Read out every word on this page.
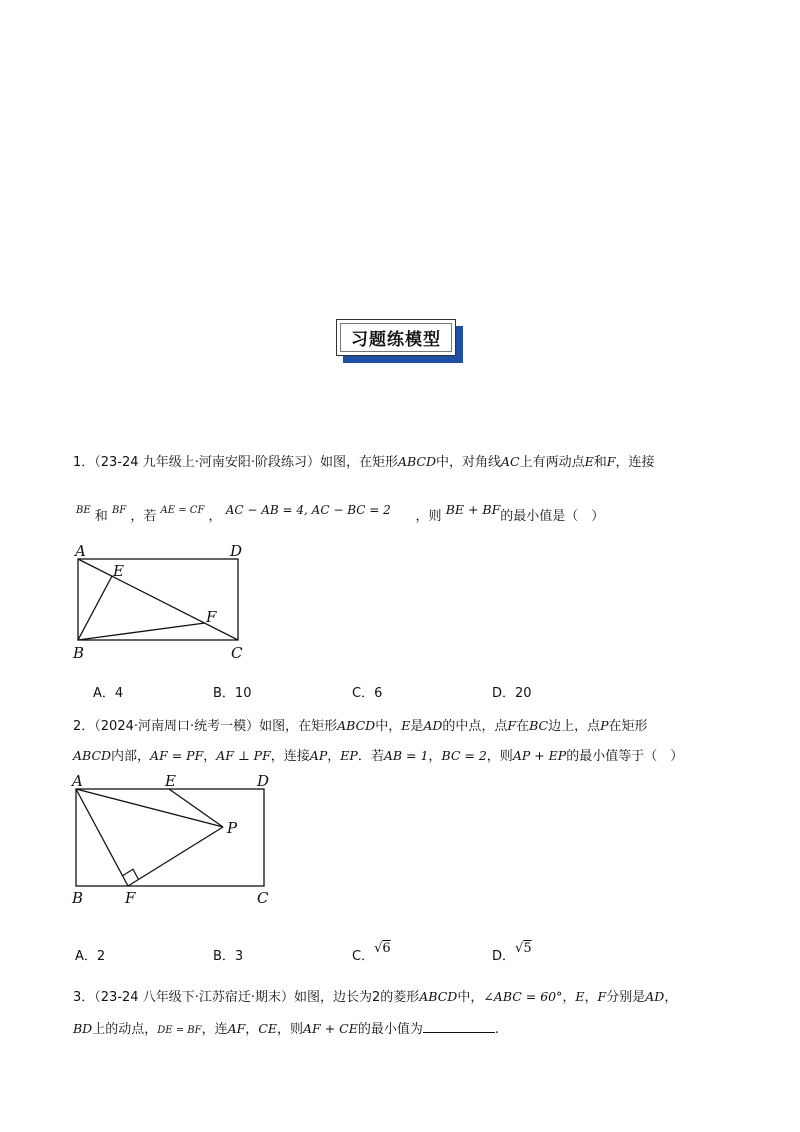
习题练模型
1．（23-24 九年级上·河南安阳·阶段练习）如图，在矩形ABCD中，对角线AC上有两动点E和F，连接
$^{BE}$ 和 $^{BF}$ ，若 $^{AE = CF}$ ， AC − AB = 4, AC − BC = 2 ，则 BE + BF的最小值是（　）
A	D
E
F
B	C
A．4	B．10	C．6	D．20
2．（2024·河南周口·统考一模）如图，在矩形ABCD中，E是AD的中点，点F在BC边上，点P在矩形
ABCD内部，AF = PF，AF ⊥ PF，连接AP，EP．若AB = 1，BC = 2，则AP + EP的最小值等于（　）
A	E	D
P
B	F	C
A．2	B．3	C．√6
D．√5
3．（23-24 八年级下·江苏宿迁·期末）如图，边长为2的菱形ABCD中，∠ABC = 60°，E，F分别是AD，
BD上的动点，DE = BF，连AF，CE，则AF + CE的最小值为	.
